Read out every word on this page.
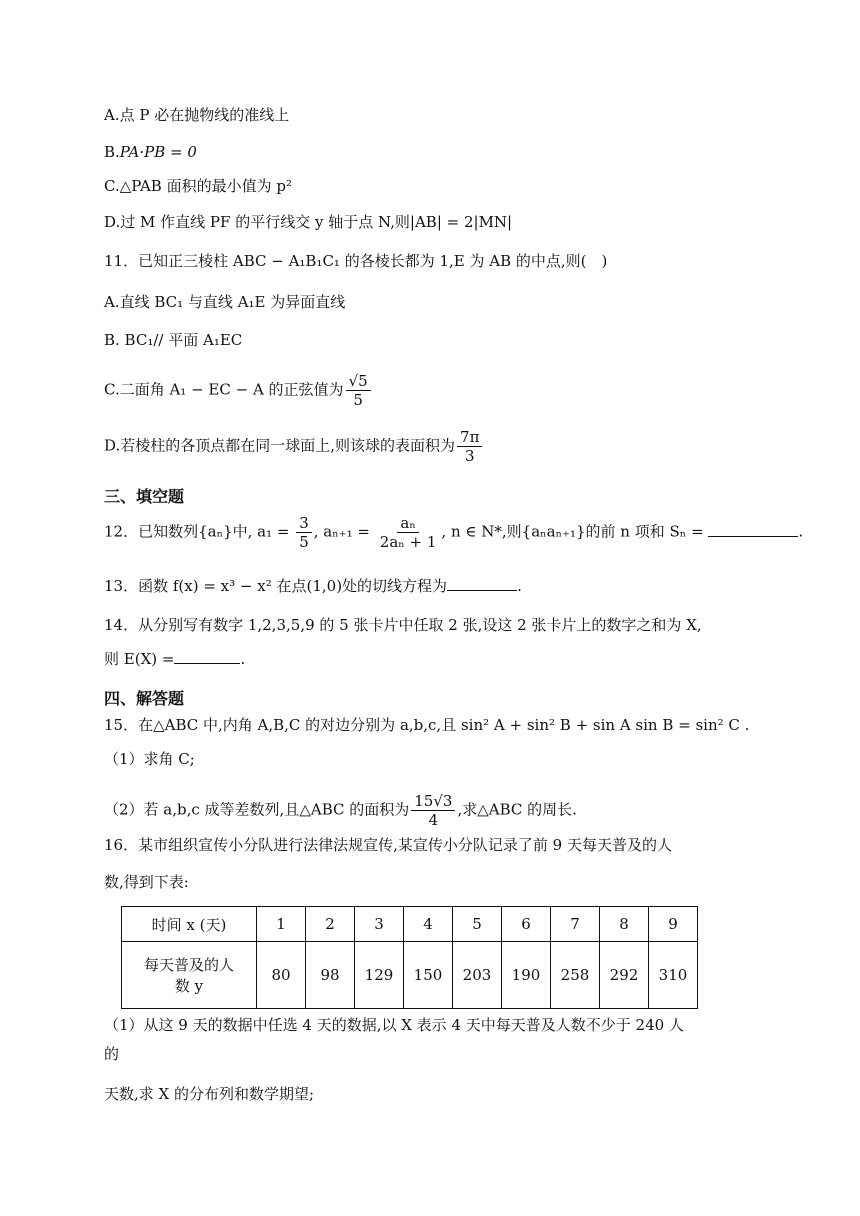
A.点 P 必在抛物线的准线上
B.PA·PB = 0
C.△PAB 面积的最小值为 p²
D.过 M 作直线 PF 的平行线交 y 轴于点 N,则|AB| = 2|MN|
11．已知正三棱柱 ABC − A₁B₁C₁ 的各棱长都为 1,E 为 AB 的中点,则(　)
A.直线 BC₁ 与直线 A₁E 为异面直线
B. BC₁// 平面 A₁EC
C.二面角 A₁ − EC − A 的正弦值为 $\frac{√5}{5}$
D.若棱柱的各顶点都在同一球面上,则该球的表面积为 $\frac{7\pi}{3}$
三、填空题
12．已知数列{aₙ}中, $a_1 = \frac{3}{5}$ , $a_{n+1} = \frac{\text{aₙ}}{\text{2aₙ + 1}}$ , n ∈ N*,则{aₙaₙ₊₁}的前 n 项和 Sₙ =	.
13．函数 f(x) = x³ − x² 在点(1,0)处的切线方程为	.
14．从分别写有数字 1,2,3,5,9 的 5 张卡片中任取 2 张,设这 2 张卡片上的数字之和为 X,
则 E(X) =	.
四、解答题
15．在△ABC 中,内角 A,B,C 的对边分别为 a,b,c,且 sin² A + sin² B + sin A sin B = sin² C .
（1）求角 C;
（2）若 a,b,c 成等差数列,且△ABC 的面积为 $\frac{15√3}{4}$ ,求△ABC 的周长.
16．某市组织宣传小分队进行法律法规宣传,某宣传小分队记录了前 9 天每天普及的人
数,得到下表:
时间 x (天)	1	2	3	4	5	6	7	8	9

每天普及的人
数 y	80	98	129	150	203	190	258	292	310
（1）从这 9 天的数据中任选 4 天的数据,以 X 表示 4 天中每天普及人数不少于 240 人
的
天数,求 X 的分布列和数学期望;
